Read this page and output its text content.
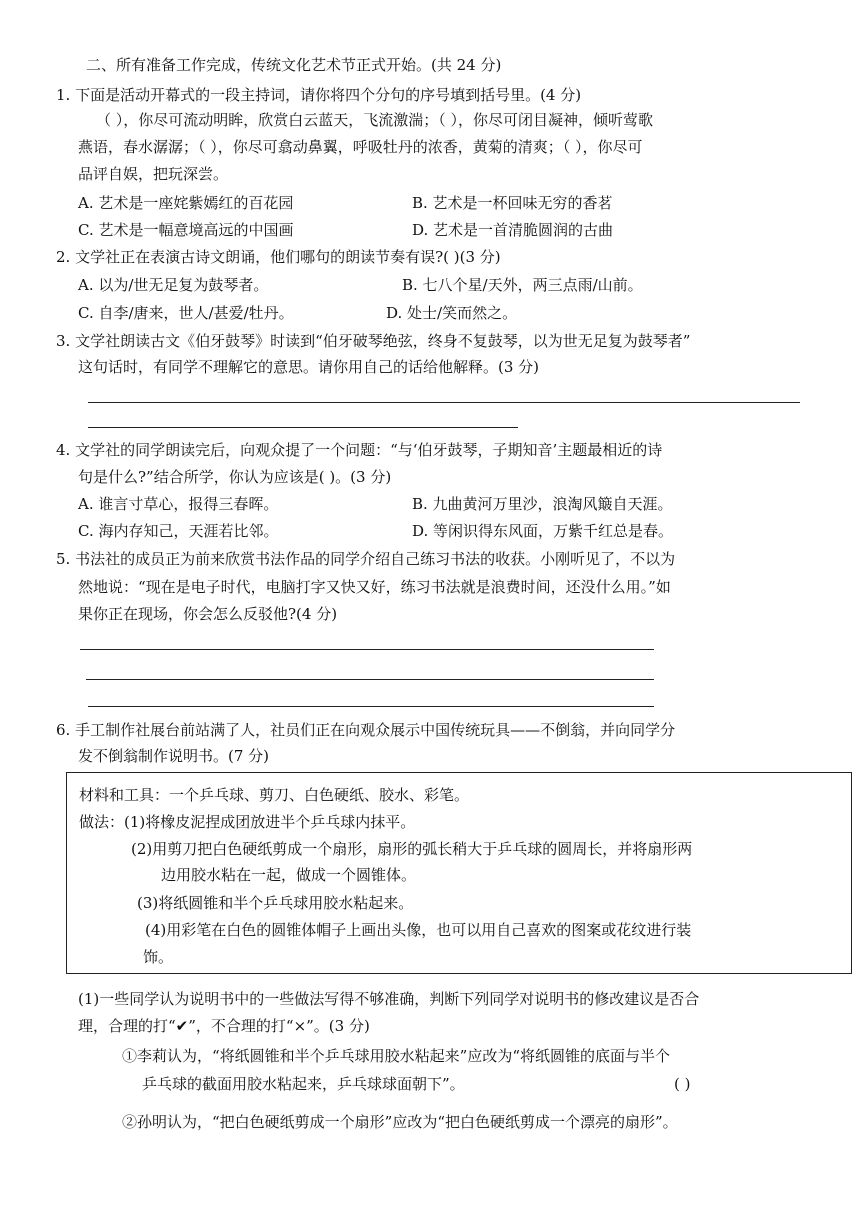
二、所有准备工作完成，传统文化艺术节正式开始。(共 24 分)
1. 下面是活动开幕式的一段主持词，请你将四个分句的序号填到括号里。(4 分)
（ ），你尽可流动明眸，欣赏白云蓝天，飞流激湍；（ ），你尽可闭目凝神，倾听莺歌
燕语，春水潺潺；（ ），你尽可翕动鼻翼，呼吸牡丹的浓香，黄菊的清爽；（ ），你尽可
品评自娱，把玩深尝。
A. 艺术是一座姹紫嫣红的百花园	B. 艺术是一杯回味无穷的香茗
C. 艺术是一幅意境高远的中国画	D. 艺术是一首清脆圆润的古曲
2. 文学社正在表演古诗文朗诵，他们哪句的朗读节奏有误?( )(3 分)
A. 以为/世无足复为鼓琴者。	B. 七八个星/天外，两三点雨/山前。
C. 自李/唐来，世人/甚爱/牡丹。	D. 处士/笑而然之。
3. 文学社朗读古文《伯牙鼓琴》时读到“伯牙破琴绝弦，终身不复鼓琴，以为世无足复为鼓琴者”
这句话时，有同学不理解它的意思。请你用自己的话给他解释。(3 分)
4. 文学社的同学朗读完后，向观众提了一个问题：“与‘伯牙鼓琴，子期知音’主题最相近的诗
句是什么?”结合所学，你认为应该是( )。(3 分)
A. 谁言寸草心，报得三春晖。	B. 九曲黄河万里沙，浪淘风簸自天涯。
C. 海内存知己，天涯若比邻。	D. 等闲识得东风面，万紫千红总是春。
5. 书法社的成员正为前来欣赏书法作品的同学介绍自己练习书法的收获。小刚听见了，不以为
然地说：“现在是电子时代，电脑打字又快又好，练习书法就是浪费时间，还没什么用。”如
果你正在现场，你会怎么反驳他?(4 分)
6. 手工制作社展台前站满了人，社员们正在向观众展示中国传统玩具——不倒翁，并向同学分
发不倒翁制作说明书。(7 分)
材料和工具：一个乒乓球、剪刀、白色硬纸、胶水、彩笔。
做法：(1)将橡皮泥捏成团放进半个乒乓球内抹平。
(2)用剪刀把白色硬纸剪成一个扇形，扇形的弧长稍大于乒乓球的圆周长，并将扇形两
边用胶水粘在一起，做成一个圆锥体。
(3)将纸圆锥和半个乒乓球用胶水粘起来。
(4)用彩笔在白色的圆锥体帽子上画出头像，也可以用自己喜欢的图案或花纹进行装
饰。
(1)一些同学认为说明书中的一些做法写得不够准确，判断下列同学对说明书的修改建议是否合
理，合理的打“✔”，不合理的打“×”。(3 分)
①李莉认为，“将纸圆锥和半个乒乓球用胶水粘起来”应改为“将纸圆锥的底面与半个
乒乓球的截面用胶水粘起来，乒乓球球面朝下”。	( )
②孙明认为，“把白色硬纸剪成一个扇形”应改为“把白色硬纸剪成一个漂亮的扇形”。
